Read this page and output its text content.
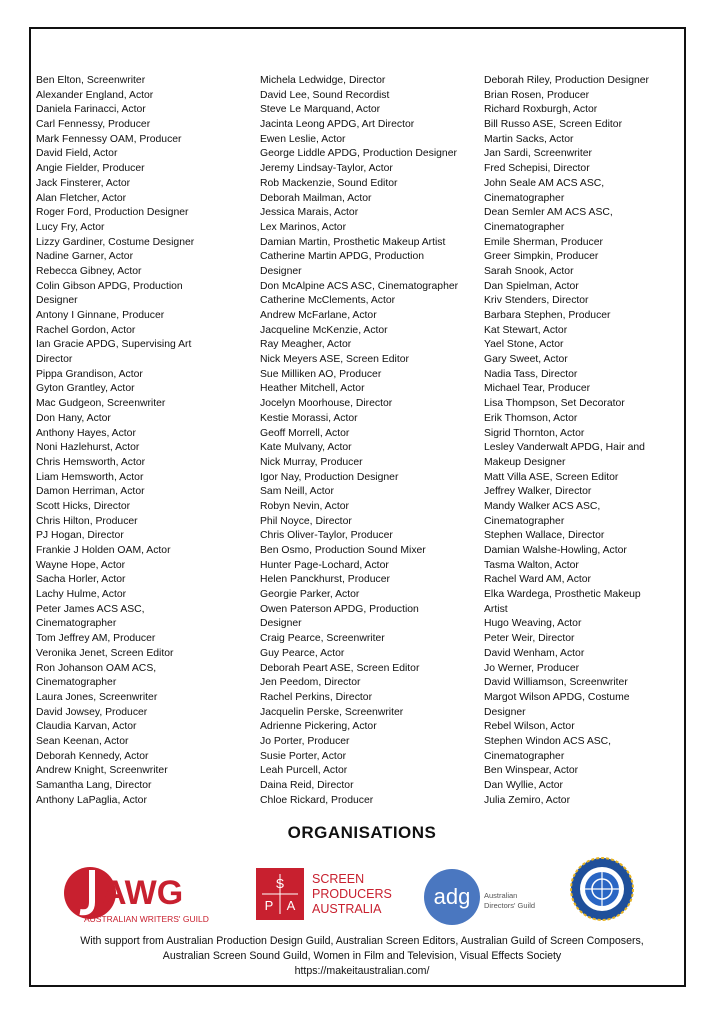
Ben Elton, Screenwriter
Alexander England, Actor
Daniela Farinacci, Actor
Carl Fennessy, Producer
Mark Fennessy OAM, Producer
David Field, Actor
Angie Fielder, Producer
Jack Finsterer, Actor
Alan Fletcher, Actor
Roger Ford, Production Designer
Lucy Fry, Actor
Lizzy Gardiner, Costume Designer
Nadine Garner, Actor
Rebecca Gibney, Actor
Colin Gibson APDG, Production
Designer
Antony I Ginnane, Producer
Rachel Gordon, Actor
Ian Gracie APDG, Supervising Art
Director
Pippa Grandison, Actor
Gyton Grantley, Actor
Mac Gudgeon, Screenwriter
Don Hany, Actor
Anthony Hayes, Actor
Noni Hazlehurst, Actor
Chris Hemsworth, Actor
Liam Hemsworth, Actor
Damon Herriman, Actor
Scott Hicks, Director
Chris Hilton, Producer
PJ Hogan, Director
Frankie J Holden OAM, Actor
Wayne Hope, Actor
Sacha Horler, Actor
Lachy Hulme, Actor
Peter James ACS ASC,
Cinematographer
Tom Jeffrey AM, Producer
Veronika Jenet, Screen Editor
Ron Johanson OAM ACS,
Cinematographer
Laura Jones, Screenwriter
David Jowsey, Producer
Claudia Karvan, Actor
Sean Keenan, Actor
Deborah Kennedy, Actor
Andrew Knight, Screenwriter
Samantha Lang, Director
Anthony LaPaglia, Actor
Michela Ledwidge, Director
David Lee, Sound Recordist
Steve Le Marquand, Actor
Jacinta Leong APDG, Art Director
Ewen Leslie, Actor
George Liddle APDG, Production Designer
Jeremy Lindsay-Taylor, Actor
Rob Mackenzie, Sound Editor
Deborah Mailman, Actor
Jessica Marais, Actor
Lex Marinos, Actor
Damian Martin, Prosthetic Makeup Artist
Catherine Martin APDG, Production
Designer
Don McAlpine ACS ASC, Cinematographer
Catherine McClements, Actor
Andrew McFarlane, Actor
Jacqueline McKenzie, Actor
Ray Meagher, Actor
Nick Meyers ASE, Screen Editor
Sue Milliken AO, Producer
Heather Mitchell, Actor
Jocelyn Moorhouse, Director
Kestie Morassi, Actor
Geoff Morrell, Actor
Kate Mulvany, Actor
Nick Murray, Producer
Igor Nay, Production Designer
Sam Neill, Actor
Robyn Nevin, Actor
Phil Noyce, Director
Chris Oliver-Taylor, Producer
Ben Osmo, Production Sound Mixer
Hunter Page-Lochard, Actor
Helen Panckhurst, Producer
Georgie Parker, Actor
Owen Paterson APDG, Production
Designer
Craig Pearce, Screenwriter
Guy Pearce, Actor
Deborah Peart ASE, Screen Editor
Jen Peedom, Director
Rachel Perkins, Director
Jacquelin Perske, Screenwriter
Adrienne Pickering, Actor
Jo Porter, Producer
Susie Porter, Actor
Leah Purcell, Actor
Daina Reid, Director
Chloe Rickard, Producer
Deborah Riley, Production Designer
Brian Rosen, Producer
Richard Roxburgh, Actor
Bill Russo ASE, Screen Editor
Martin Sacks, Actor
Jan Sardi, Screenwriter
Fred Schepisi, Director
John Seale AM ACS ASC,
Cinematographer
Dean Semler AM ACS ASC,
Cinematographer
Emile Sherman, Producer
Greer Simpkin, Producer
Sarah Snook, Actor
Dan Spielman, Actor
Kriv Stenders, Director
Barbara Stephen, Producer
Kat Stewart, Actor
Yael Stone, Actor
Gary Sweet, Actor
Nadia Tass, Director
Michael Tear, Producer
Lisa Thompson, Set Decorator
Erik Thomson, Actor
Sigrid Thornton, Actor
Lesley Vanderwalt APDG, Hair and
Makeup Designer
Matt Villa ASE, Screen Editor
Jeffrey Walker, Director
Mandy Walker ACS ASC,
Cinematographer
Stephen Wallace, Director
Damian Walshe-Howling, Actor
Tasma Walton, Actor
Rachel Ward AM, Actor
Elka Wardega, Prosthetic Makeup
Artist
Hugo Weaving, Actor
Peter Weir, Director
David Wenham, Actor
Jo Werner, Producer
David Williamson, Screenwriter
Margot Wilson APDG, Costume
Designer
Rebel Wilson, Actor
Stephen Windon ACS ASC,
Cinematographer
Ben Winspear, Actor
Dan Wyllie, Actor
Julia Zemiro, Actor
ORGANISATIONS
AWG
AUSTRALIAN WRITERS' GUILD
S
P A
SCREEN
PRODUCERS
AUSTRALIA adg Australian
Directors' Guild
With support from Australian Production Design Guild, Australian Screen Editors, Australian Guild of Screen Composers,
Australian Screen Sound Guild, Women in Film and Television, Visual Effects Society
https://makeitaustralian.com/
